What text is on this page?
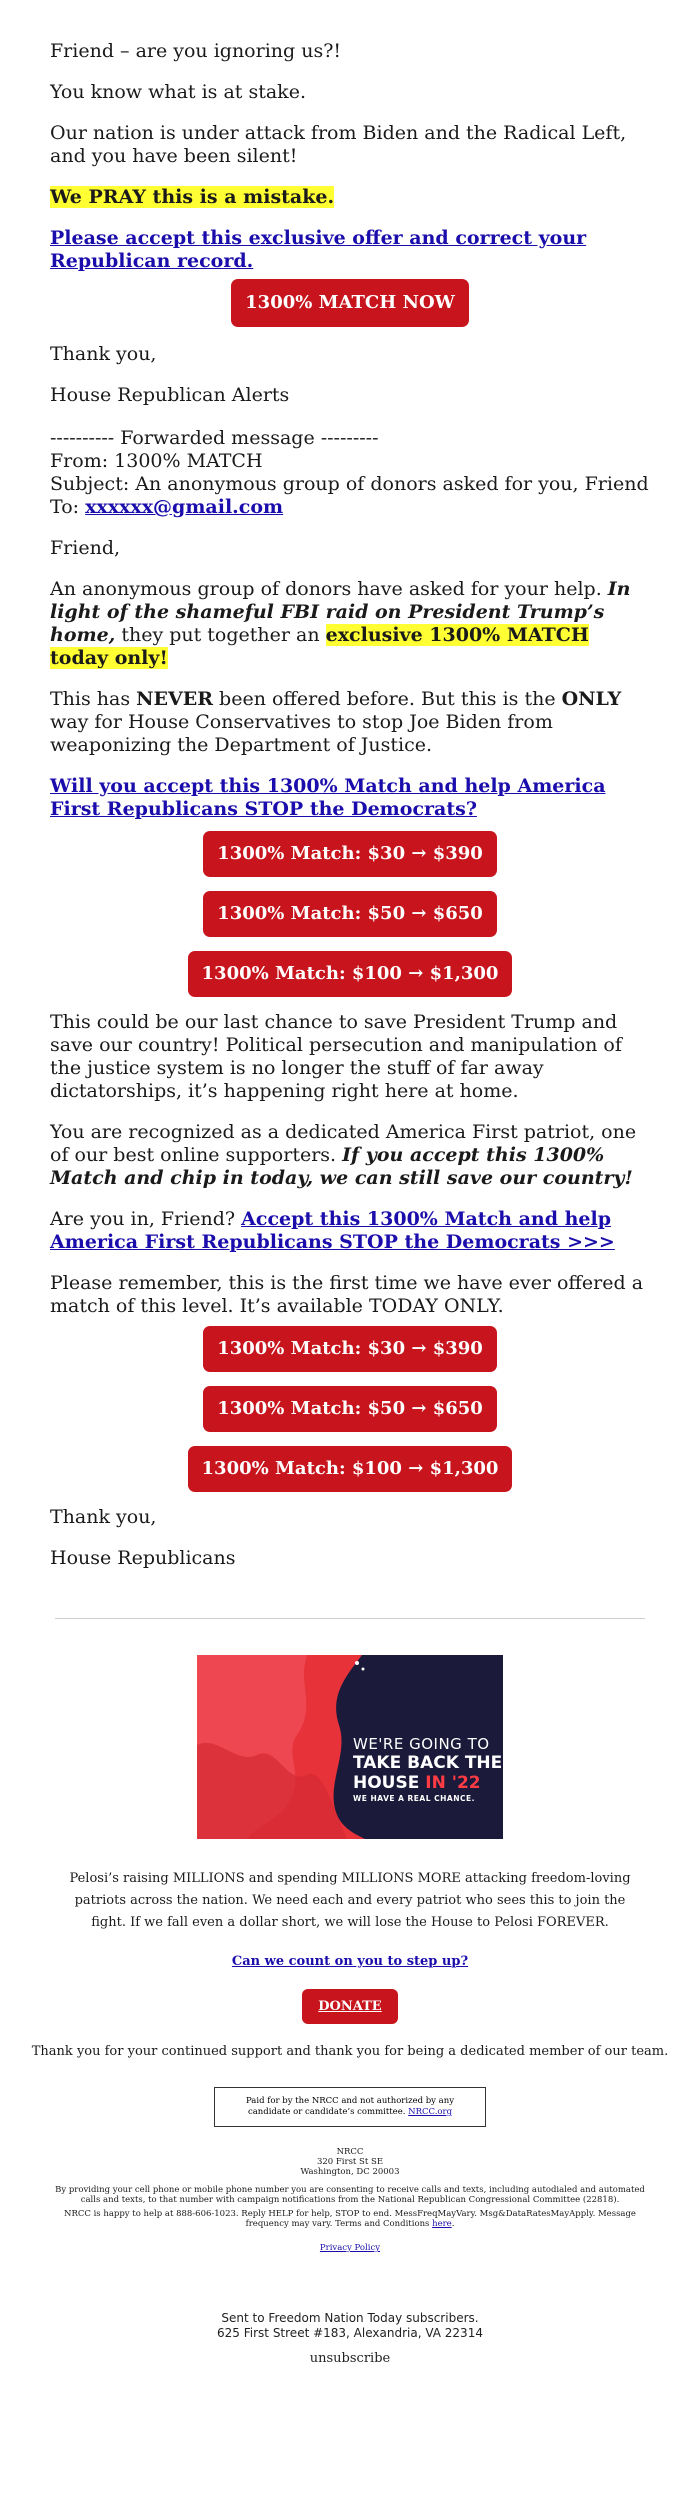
Friend – are you ignoring us?!

You know what is at stake.

Our nation is under attack from Biden and the Radical Left, and you have been silent!

We PRAY this is a mistake.

Please accept this exclusive offer and correct your Republican record.

1300% MATCH NOW

Thank you,

House Republican Alerts

---------- Forwarded message ---------
From: 1300% MATCH
Subject: An anonymous group of donors asked for you, Friend
To: xxxxxx@gmail.com

Friend,

An anonymous group of donors have asked for your help. In light of the shameful FBI raid on President Trump’s home, they put together an exclusive 1300% MATCH today only!

This has NEVER been offered before. But this is the ONLY way for House Conservatives to stop Joe Biden from weaponizing the Department of Justice.

Will you accept this 1300% Match and help America First Republicans STOP the Democrats?

1300% Match: $30 → $390
1300% Match: $50 → $650
1300% Match: $100 → $1,300

This could be our last chance to save President Trump and save our country! Political persecution and manipulation of the justice system is no longer the stuff of far away dictatorships, it’s happening right here at home.

You are recognized as a dedicated America First patriot, one of our best online supporters. If you accept this 1300% Match and chip in today, we can still save our country!

Are you in, Friend? Accept this 1300% Match and help America First Republicans STOP the Democrats >>>

Please remember, this is the first time we have ever offered a match of this level. It’s available TODAY ONLY.

1300% Match: $30 → $390
1300% Match: $50 → $650
1300% Match: $100 → $1,300

Thank you,

House Republicans

WE'RE GOING TO
TAKE BACK THE
HOUSE IN '22
WE HAVE A REAL CHANCE.
Pelosi’s raising MILLIONS and spending MILLIONS MORE attacking freedom-loving patriots across the nation. We need each and every patriot who sees this to join the fight. If we fall even a dollar short, we will lose the House to Pelosi FOREVER.
Can we count on you to step up?
DONATE
Thank you for your continued support and thank you for being a dedicated member of our team.
Paid for by the NRCC and not authorized by any candidate or candidate’s committee. NRCC.org
NRCC
320 First St SE
Washington, DC 20003
By providing your cell phone or mobile phone number you are consenting to receive calls and texts, including autodialed and automated calls and texts, to that number with campaign notifications from the National Republican Congressional Committee (22818).
NRCC is happy to help at 888-606-1023. Reply HELP for help, STOP to end. MessFreqMayVary. Msg&DataRatesMayApply. Message frequency may vary. Terms and Conditions here.
Privacy Policy
Sent to Freedom Nation Today subscribers.
625 First Street #183, Alexandria, VA 22314
unsubscribe
